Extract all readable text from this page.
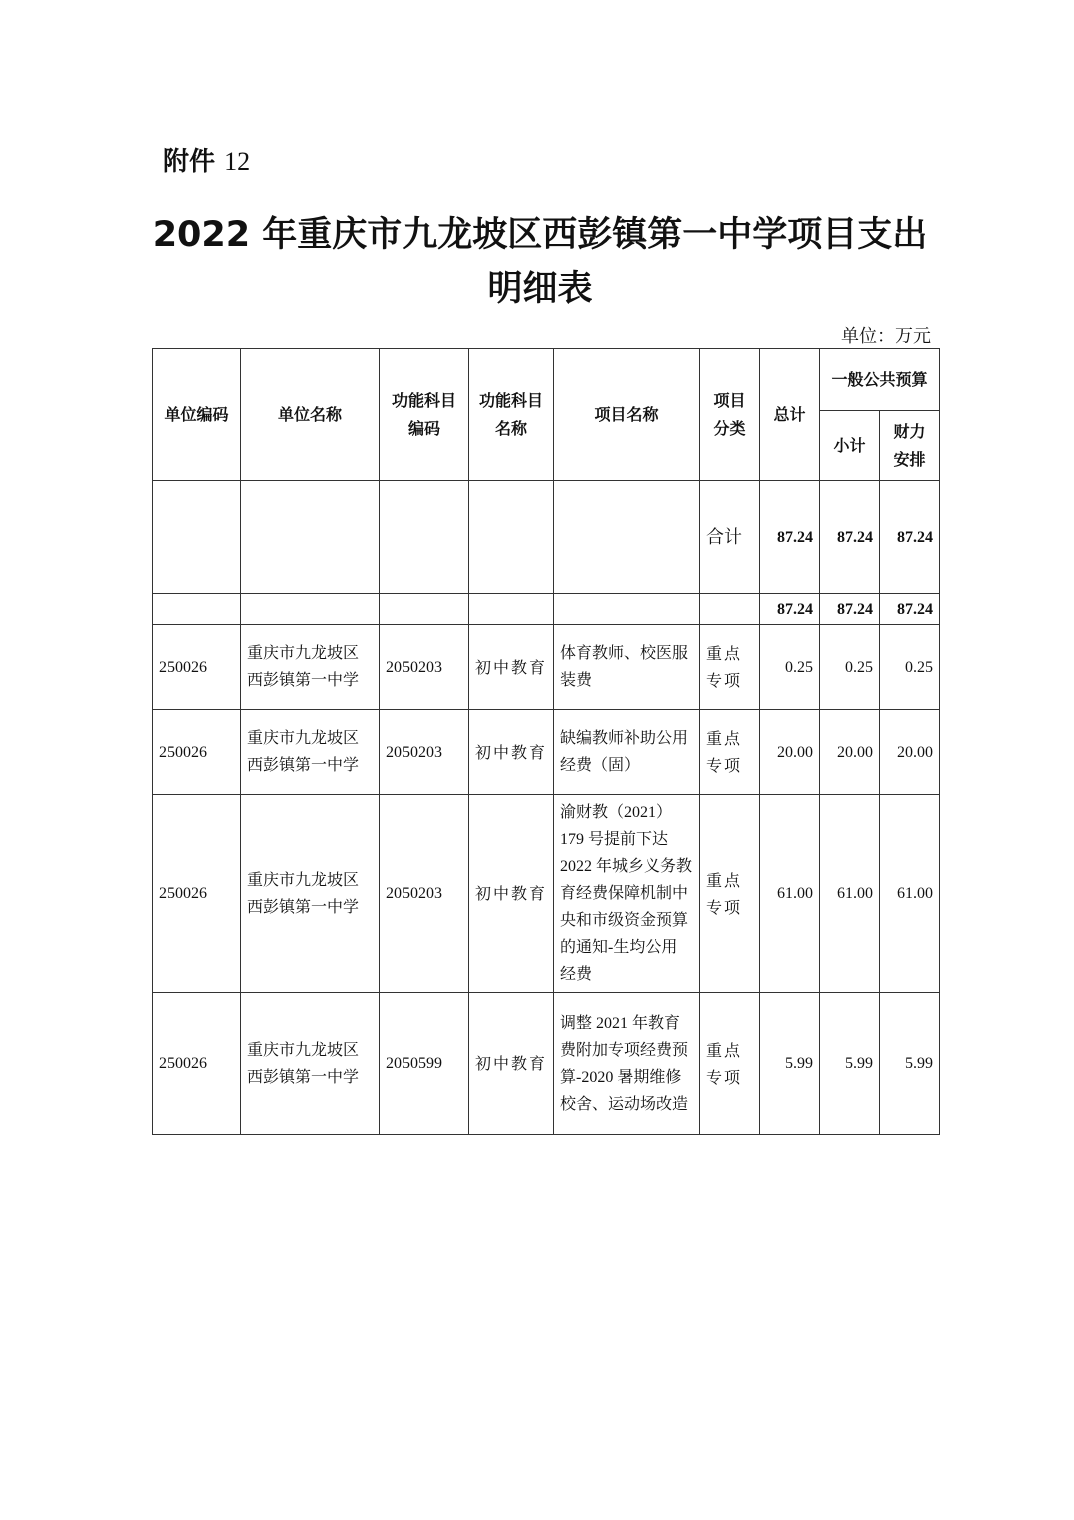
附件 12
2022 年重庆市九龙坡区西彭镇第一中学项目支出明细表
单位：万元
单位编码	单位名称	功能科目编码	功能科目名称	项目名称	项目分类	总计	一般公共预算	
							小计	财力安排
					合计	87.24	87.24	87.24
						87.24	87.24	87.24
250026	重庆市九龙坡区西彭镇第一中学	2050203	初中教育	体育教师、校医服装费	重点专项	0.25	0.25	0.25
250026	重庆市九龙坡区西彭镇第一中学	2050203	初中教育	缺编教师补助公用经费（固）	重点专项	20.00	20.00	20.00
250026	重庆市九龙坡区西彭镇第一中学	2050203	初中教育	渝财教（2021）179 号提前下达 2022 年城乡义务教育经费保障机制中央和市级资金预算的通知-生均公用经费	重点专项	61.00	61.00	61.00
250026	重庆市九龙坡区西彭镇第一中学	2050599	初中教育	调整 2021 年教育费附加专项经费预算-2020 暑期维修校舍、运动场改造	重点专项	5.99	5.99	5.99
